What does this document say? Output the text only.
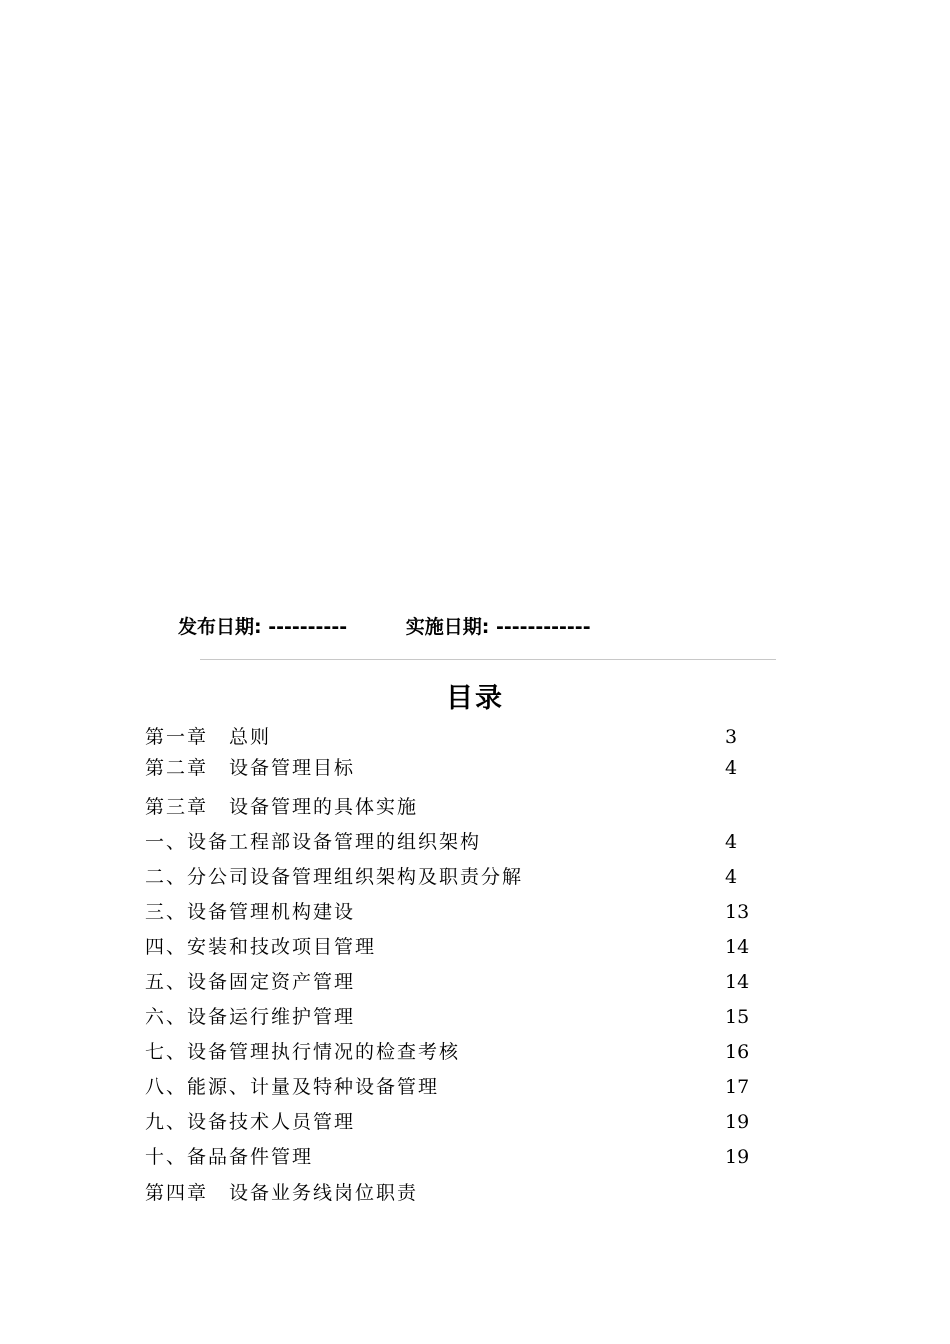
发布日期: ----------	实施日期: ------------
目录
第一章　总则	3
第二章　设备管理目标	4
第三章　设备管理的具体实施
一、设备工程部设备管理的组织架构	4
二、分公司设备管理组织架构及职责分解	4
三、设备管理机构建设	13
四、安装和技改项目管理	14
五、设备固定资产管理	14
六、设备运行维护管理	15
七、设备管理执行情况的检查考核	16
八、能源、计量及特种设备管理	17
九、设备技术人员管理	19
十、备品备件管理	19
第四章　设备业务线岗位职责
